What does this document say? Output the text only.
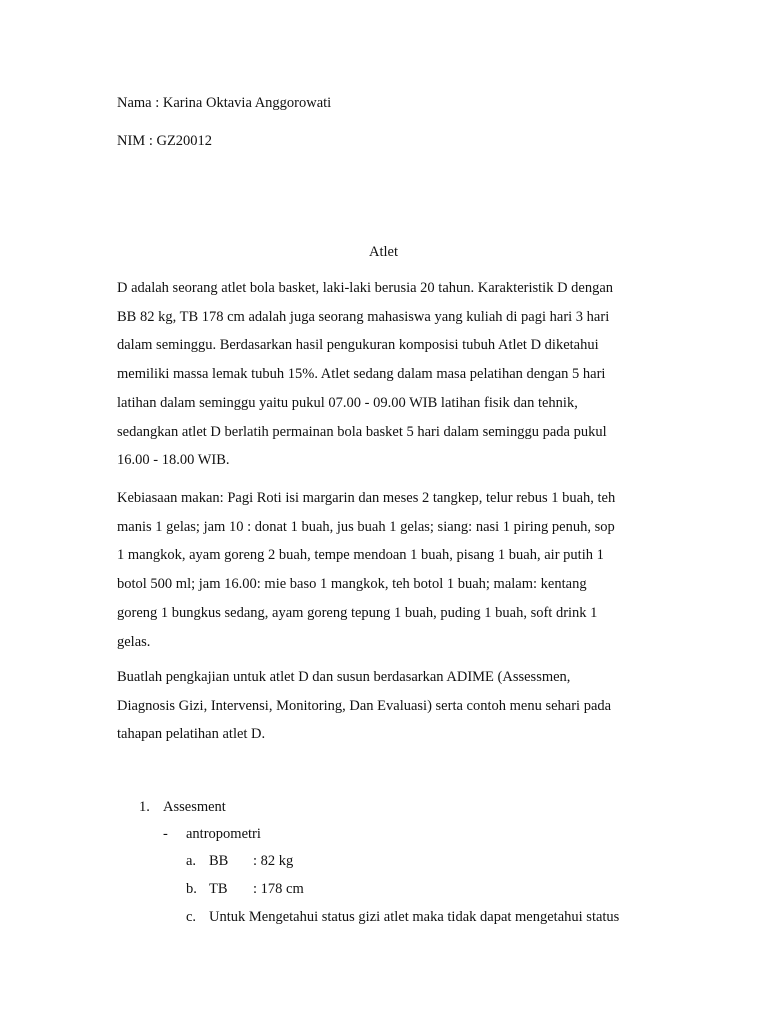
Nama : Karina Oktavia Anggorowati
NIM : GZ20012
Atlet
D adalah seorang atlet bola basket, laki-laki berusia 20 tahun. Karakteristik D dengan
BB 82 kg, TB 178 cm adalah juga seorang mahasiswa yang kuliah di pagi hari 3 hari
dalam seminggu. Berdasarkan hasil pengukuran komposisi tubuh Atlet D diketahui
memiliki massa lemak tubuh 15%. Atlet sedang dalam masa pelatihan dengan 5 hari
latihan dalam seminggu yaitu pukul 07.00 - 09.00 WIB latihan fisik dan tehnik,
sedangkan atlet D berlatih permainan bola basket 5 hari dalam seminggu pada pukul
16.00 - 18.00 WIB.
Kebiasaan makan: Pagi Roti isi margarin dan meses 2 tangkep, telur rebus 1 buah, teh
manis 1 gelas; jam 10 : donat 1 buah, jus buah 1 gelas; siang: nasi 1 piring penuh, sop
1 mangkok, ayam goreng 2 buah, tempe mendoan 1 buah, pisang 1 buah, air putih 1
botol 500 ml; jam 16.00: mie baso 1 mangkok, teh botol 1 buah; malam: kentang
goreng 1 bungkus sedang, ayam goreng tepung 1 buah, puding 1 buah, soft drink 1
gelas.
Buatlah pengkajian untuk atlet D dan susun berdasarkan ADIME (Assessmen,
Diagnosis Gizi, Intervensi, Monitoring, Dan Evaluasi) serta contoh menu sehari pada
tahapan pelatihan atlet D.
1. Assesment
- antropometri
a. BB : 82 kg
b. TB : 178 cm
c. Untuk Mengetahui status gizi atlet maka tidak dapat mengetahui status
